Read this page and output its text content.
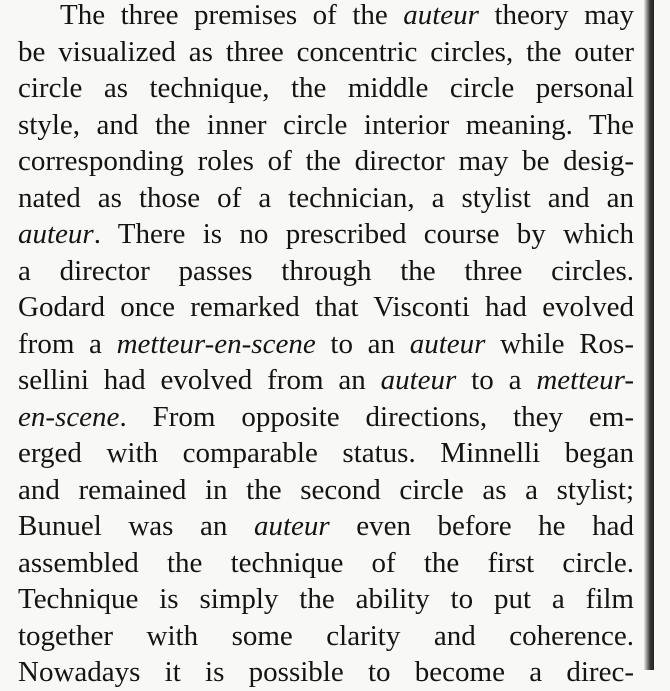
The three premises of the auteur theory may
be visualized as three concentric circles, the outer
circle as technique, the middle circle personal
style, and the inner circle interior meaning. The
corresponding roles of the director may be desig-
nated as those of a technician, a stylist and an
auteur. There is no prescribed course by which
a director passes through the three circles.
Godard once remarked that Visconti had evolved
from a metteur-en-scene to an auteur while Ros-
sellini had evolved from an auteur to a metteur-
en-scene. From opposite directions, they em-
erged with comparable status. Minnelli began
and remained in the second circle as a stylist;
Bunuel was an auteur even before he had
assembled the technique of the first circle.
Technique is simply the ability to put a film
together with some clarity and coherence.
Nowadays it is possible to become a direc-
